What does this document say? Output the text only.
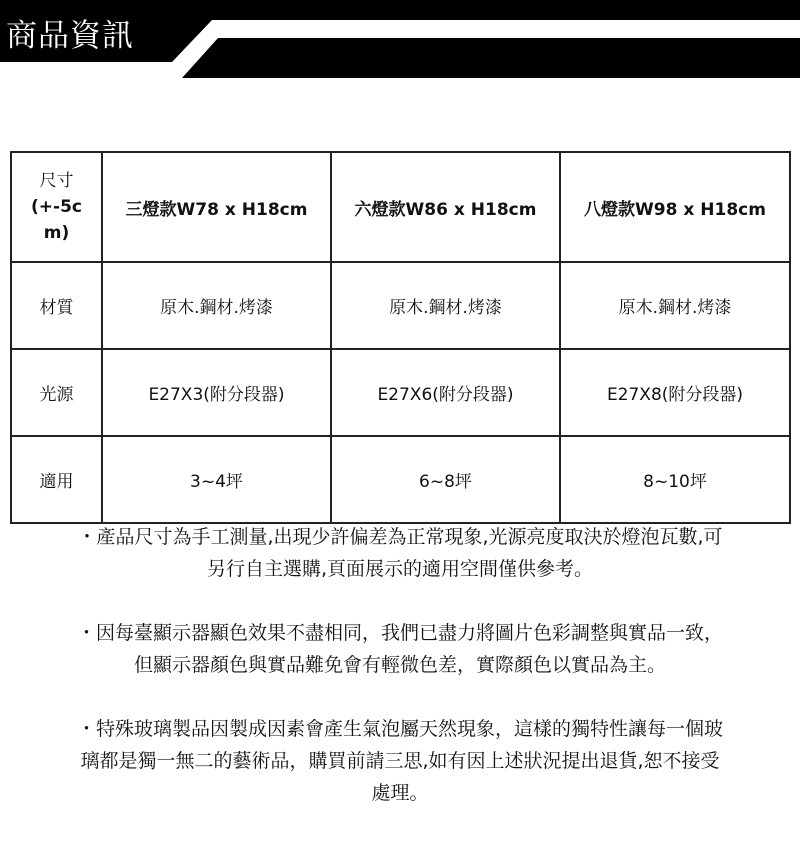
商品資訊
尺寸
(+-5c
m)	三燈款W78 x H18cm	六燈款W86 x H18cm	八燈款W98 x H18cm
材質	原木.鋼材.烤漆	原木.鋼材.烤漆	原木.鋼材.烤漆
光源	E27X3(附分段器)	E27X6(附分段器)	E27X8(附分段器)
適用	3~4坪	6~8坪	8~10坪
・產品尺寸為手工測量,出現少許偏差為正常現象,光源亮度取決於燈泡瓦數,可
另行自主選購,頁面展示的適用空間僅供參考。
・因每臺顯示器顯色效果不盡相同，我們已盡力將圖片色彩調整與實品一致，
但顯示器顏色與實品難免會有輕微色差，實際顏色以實品為主。
・特殊玻璃製品因製成因素會產生氣泡屬天然現象，這樣的獨特性讓每一個玻
璃都是獨一無二的藝術品，購買前請三思,如有因上述狀況提出退貨,恕不接受
處理。
